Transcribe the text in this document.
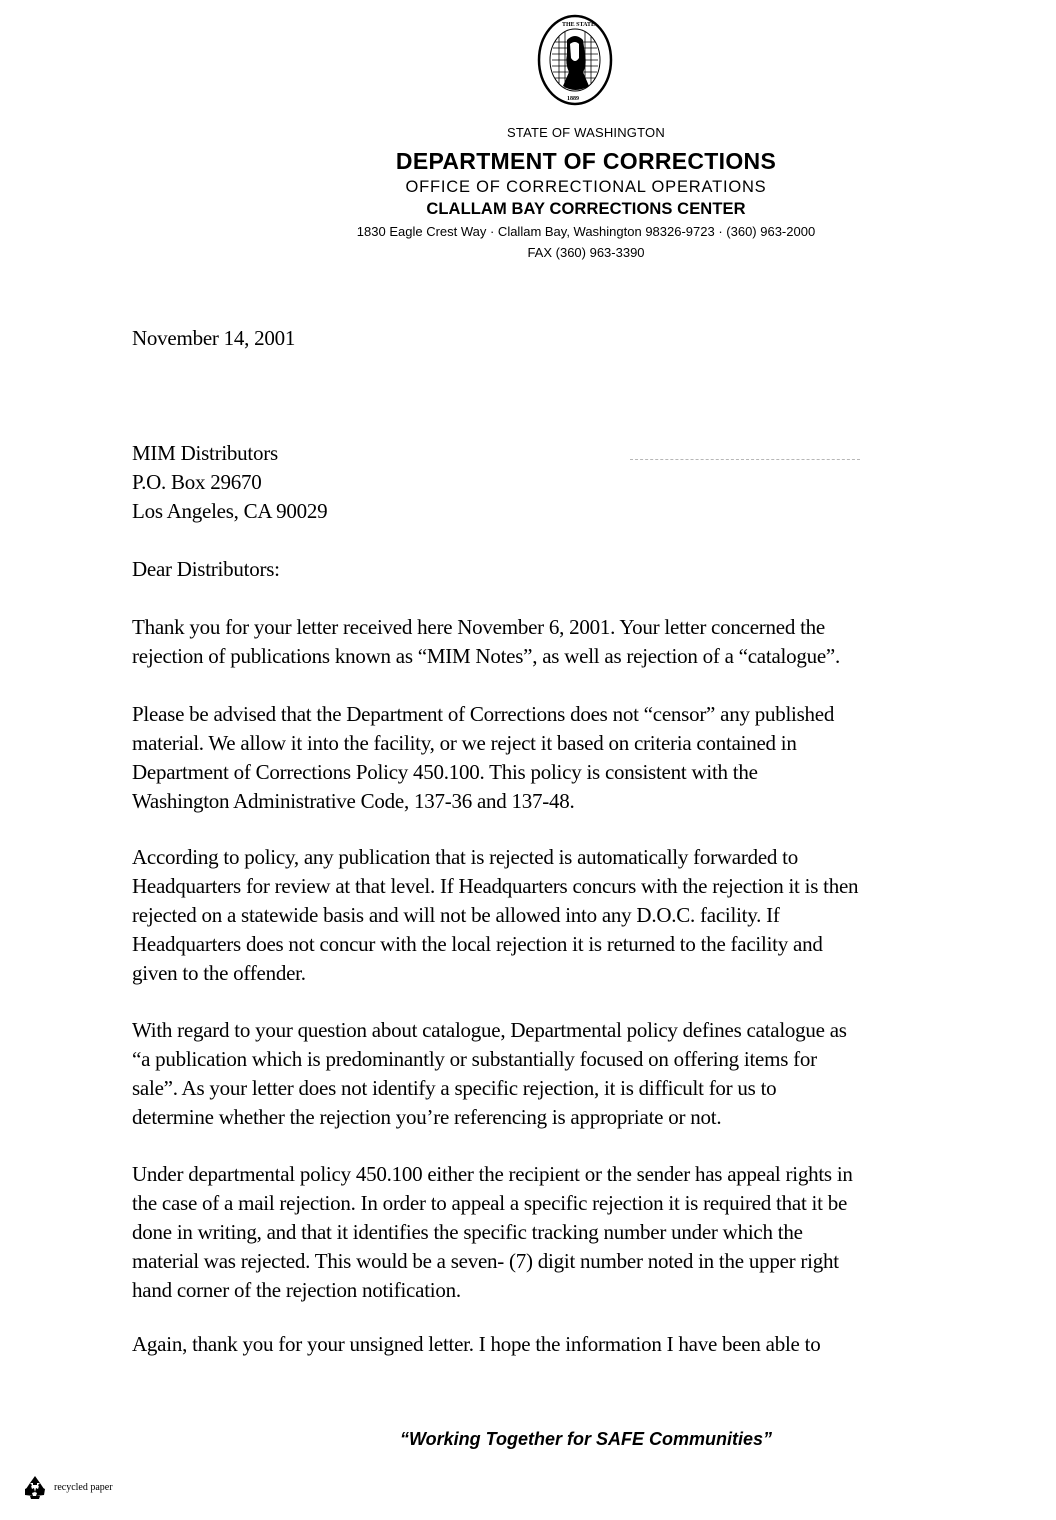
THE STATE
1889
STATE OF WASHINGTON
DEPARTMENT OF CORRECTIONS
OFFICE OF CORRECTIONAL OPERATIONS
CLALLAM BAY CORRECTIONS CENTER
1830 Eagle Crest Way · Clallam Bay, Washington 98326-9723 · (360) 963-2000
FAX (360) 963-3390
November 14, 2001
MIM Distributors
P.O. Box 29670
Los Angeles, CA 90029
Dear Distributors:

Thank you for your letter received here November 6, 2001. Your letter concerned the

rejection of publications known as “MIM Notes”, as well as rejection of a “catalogue”.

Please be advised that the Department of Corrections does not “censor” any published

material. We allow it into the facility, or we reject it based on criteria contained in

Department of Corrections Policy 450.100. This policy is consistent with the

Washington Administrative Code, 137-36 and 137-48.

According to policy, any publication that is rejected is automatically forwarded to

Headquarters for review at that level. If Headquarters concurs with the rejection it is then

rejected on a statewide basis and will not be allowed into any D.O.C. facility. If

Headquarters does not concur with the local rejection it is returned to the facility and

given to the offender.

With regard to your question about catalogue, Departmental policy defines catalogue as

“a publication which is predominantly or substantially focused on offering items for

sale”. As your letter does not identify a specific rejection, it is difficult for us to

determine whether the rejection you’re referencing is appropriate or not.

Under departmental policy 450.100 either the recipient or the sender has appeal rights in

the case of a mail rejection. In order to appeal a specific rejection it is required that it be

done in writing, and that it identifies the specific tracking number under which the

material was rejected. This would be a seven- (7) digit number noted in the upper right

hand corner of the rejection notification.

Again, thank you for your unsigned letter. I hope the information I have been able to

“Working Together for SAFE Communities”
recycled paper
